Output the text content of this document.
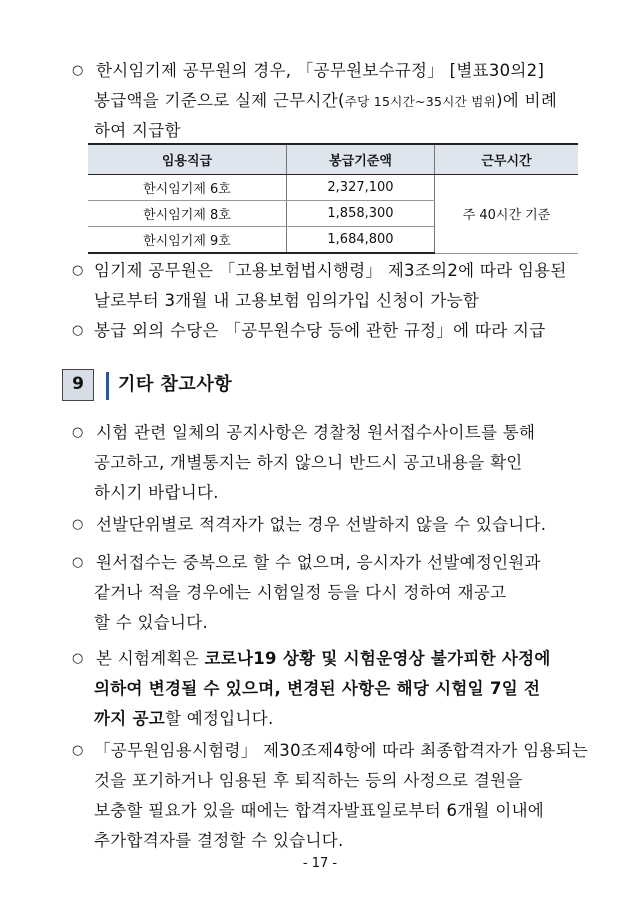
○ 한시임기제 공무원의 경우, 「공무원보수규정」 [별표30의2]
봉급액을 기준으로 실제 근무시간(주당 15시간~35시간 범위)에 비례
하여 지급함
임용직급	봉급기준액	근무시간
한시임기제 6호	2,327,100	주 40시간 기준
한시임기제 8호	1,858,300	
한시임기제 9호	1,684,800	
○ 임기제 공무원은 「고용보험법시행령」 제3조의2에 따라 임용된
날로부터 3개월 내 고용보험 임의가입 신청이 가능함
○ 봉급 외의 수당은 「공무원수당 등에 관한 규정」에 따라 지급
9	기타 참고사항
○ 시험 관련 일체의 공지사항은 경찰청 원서접수사이트를 통해
공고하고, 개별통지는 하지 않으니 반드시 공고내용을 확인
하시기 바랍니다.
○ 선발단위별로 적격자가 없는 경우 선발하지 않을 수 있습니다.
○ 원서접수는 중복으로 할 수 없으며, 응시자가 선발예정인원과
같거나 적을 경우에는 시험일정 등을 다시 정하여 재공고
할 수 있습니다.
○ 본 시험계획은 코로나19 상황 및 시험운영상 불가피한 사정에
의하여 변경될 수 있으며, 변경된 사항은 해당 시험일 7일 전
까지 공고할 예정입니다.
○ 「공무원임용시험령」 제30조제4항에 따라 최종합격자가 임용되는
것을 포기하거나 임용된 후 퇴직하는 등의 사정으로 결원을
보충할 필요가 있을 때에는 합격자발표일로부터 6개월 이내에
추가합격자를 결정할 수 있습니다.
- 17 -
